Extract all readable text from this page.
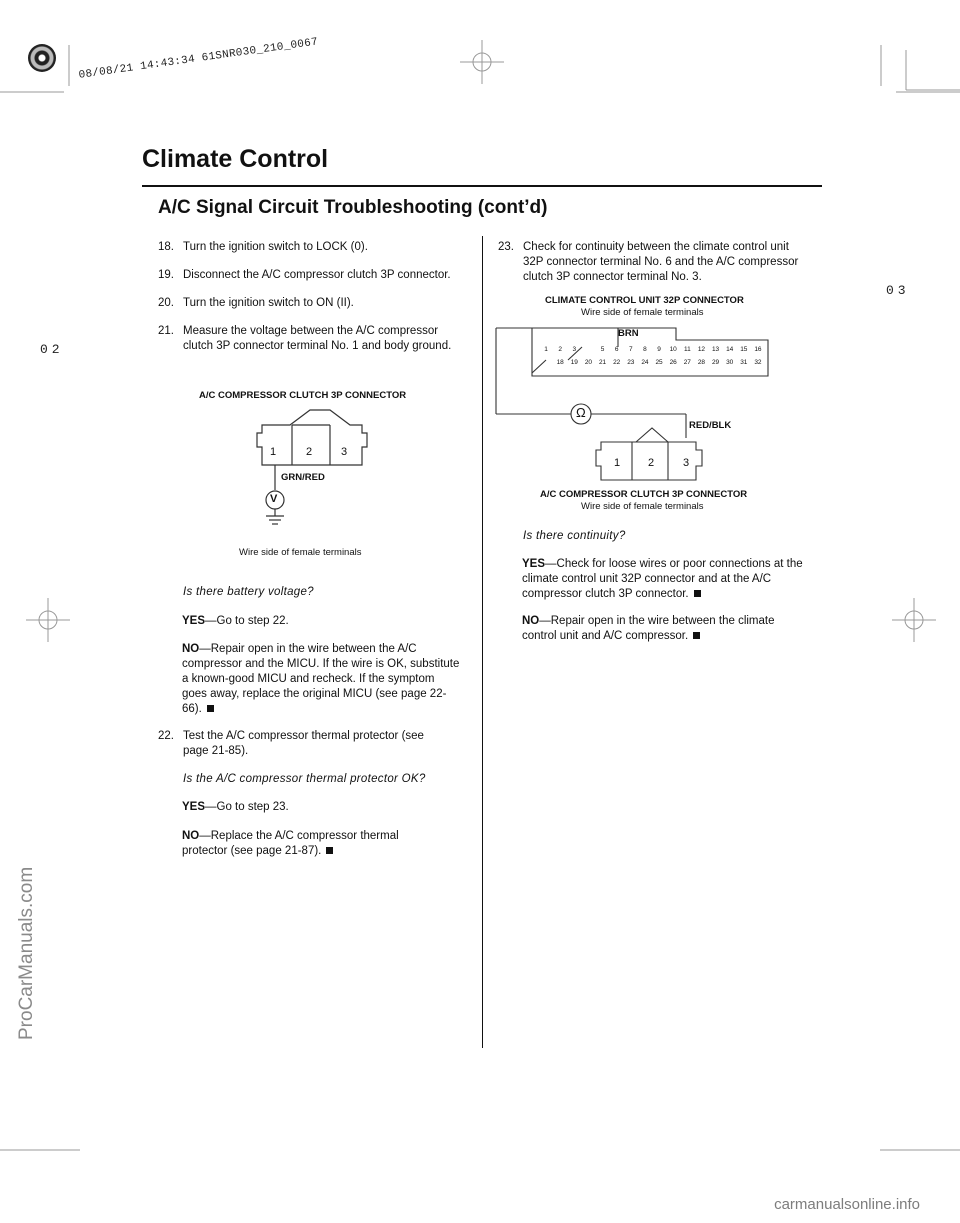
08/08/21 14:43:34 61SNR030_210_0067
02
03
Climate Control
A/C Signal Circuit Troubleshooting (cont’d)
18. Turn the ignition switch to LOCK (0).
19. Disconnect the A/C compressor clutch 3P connector.
20. Turn the ignition switch to ON (II).
21. Measure the voltage between the A/C compressor clutch 3P connector terminal No. 1 and body ground.
A/C COMPRESSOR CLUTCH 3P CONNECTOR
1	2	3
GRN/RED
V
Wire side of female terminals
Is there battery voltage?
YES—Go to step 22.
NO—Repair open in the wire between the A/C compressor and the MICU. If the wire is OK, substitute a known-good MICU and recheck. If the symptom goes away, replace the original MICU (see page 22-66).
22. Test the A/C compressor thermal protector (see page 21-85).
Is the A/C compressor thermal protector OK?
YES—Go to step 23.
NO—Replace the A/C compressor thermal protector (see page 21-87).
23. Check for continuity between the climate control unit 32P connector terminal No. 6 and the A/C compressor clutch 3P connector terminal No. 3.
CLIMATE CONTROL UNIT 32P CONNECTOR
Wire side of female terminals
BRN
1	2	3	5	6	7	8	9	10	11	12	13	14	15	16
18	19	20	21	22	23	24	25	26	27	28	29	30	31	32
Ω
RED/BLK
1	2	3
A/C COMPRESSOR CLUTCH 3P CONNECTOR
Wire side of female terminals
Is there continuity?
YES—Check for loose wires or poor connections at the climate control unit 32P connector and at the A/C compressor clutch 3P connector.
NO—Repair open in the wire between the climate control unit and A/C compressor.
ProCarManuals.com
carmanualsonline.info
